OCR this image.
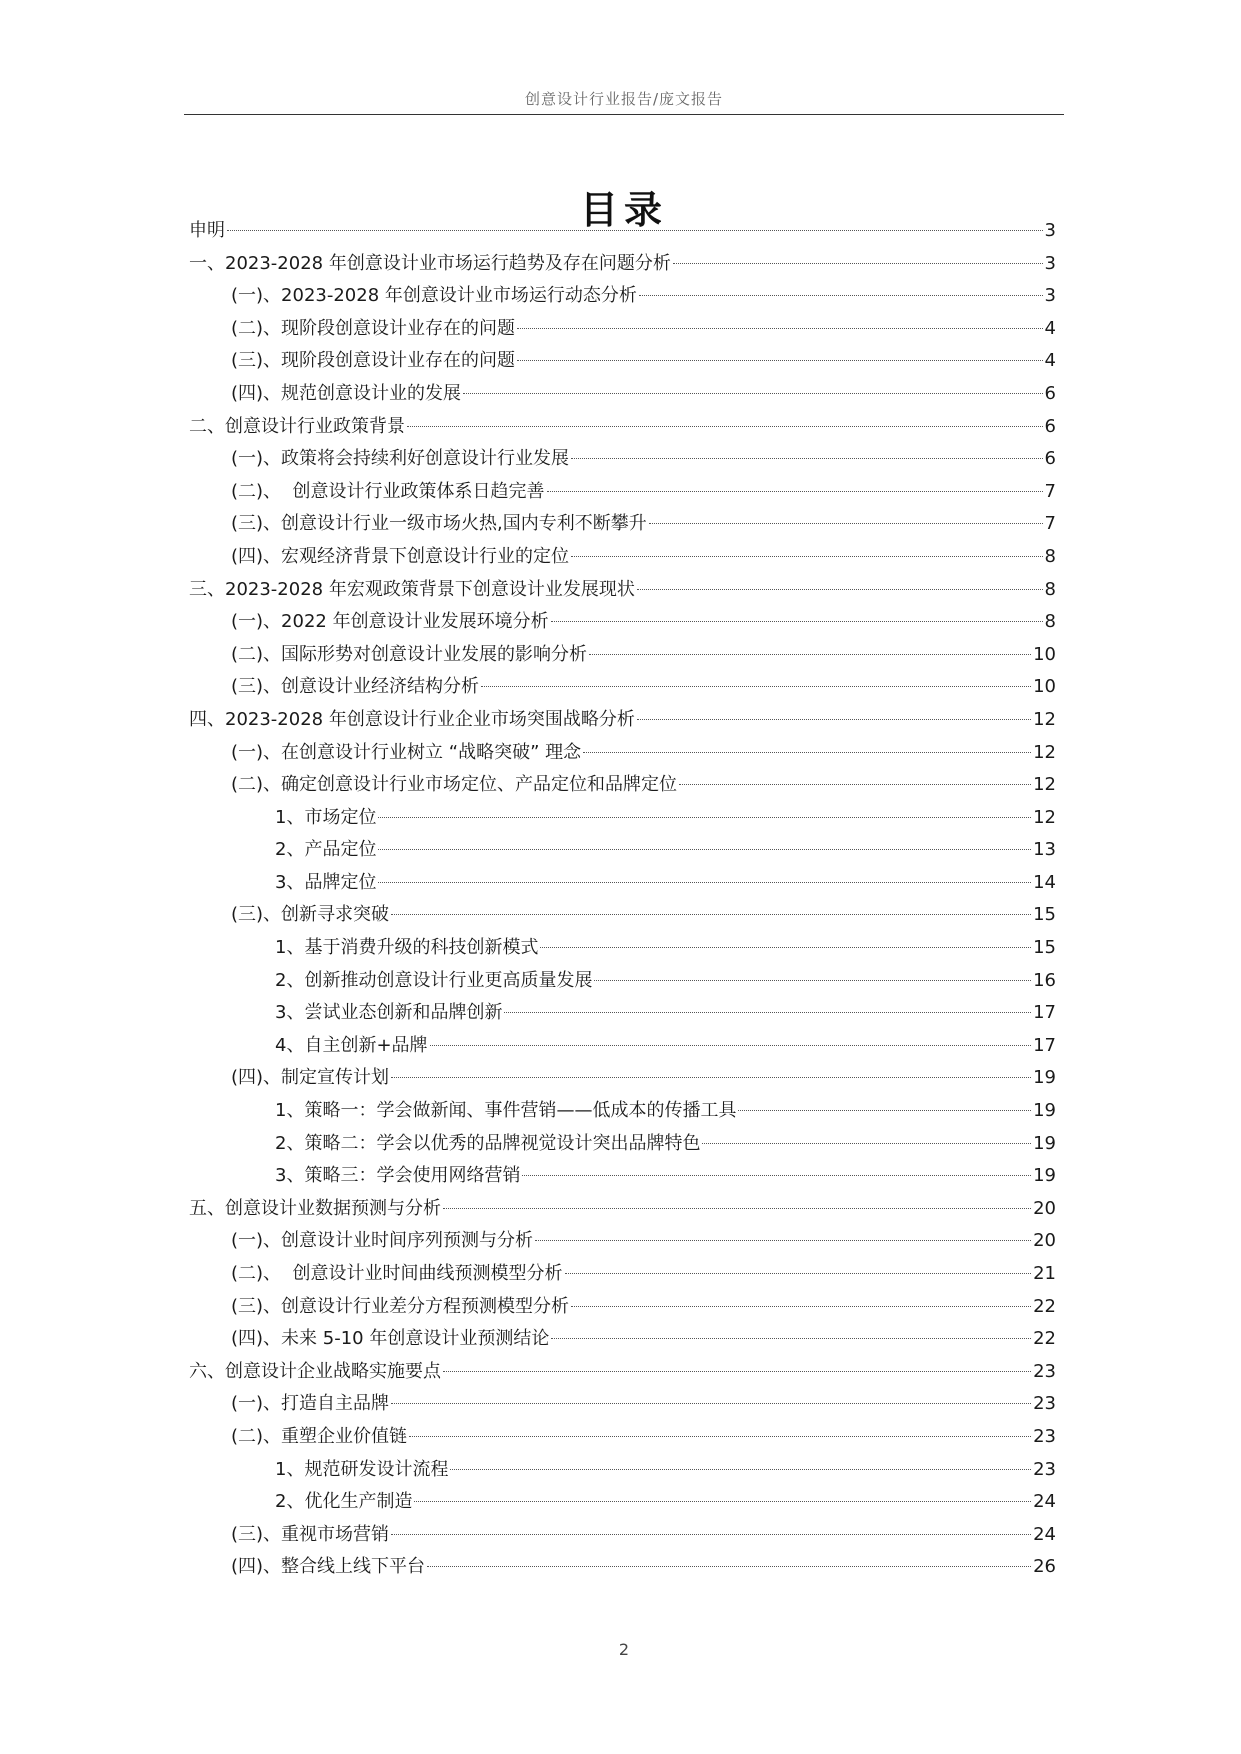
创意设计行业报告/庞文报告
目录
申明	3
一、2023-2028 年创意设计业市场运行趋势及存在问题分析	3
(一)、2023-2028 年创意设计业市场运行动态分析	3
(二)、现阶段创意设计业存在的问题	4
(三)、现阶段创意设计业存在的问题	4
(四)、规范创意设计业的发展	6
二、创意设计行业政策背景	6
(一)、政策将会持续利好创意设计行业发展	6
(二)、  创意设计行业政策体系日趋完善	7
(三)、创意设计行业一级市场火热,国内专利不断攀升	7
(四)、宏观经济背景下创意设计行业的定位	8
三、2023-2028 年宏观政策背景下创意设计业发展现状	8
(一)、2022 年创意设计业发展环境分析	8
(二)、国际形势对创意设计业发展的影响分析	10
(三)、创意设计业经济结构分析	10
四、2023-2028 年创意设计行业企业市场突围战略分析	12
(一)、在创意设计行业树立 “战略突破” 理念	12
(二)、确定创意设计行业市场定位、产品定位和品牌定位	12
1、市场定位	12
2、产品定位	13
3、品牌定位	14
(三)、创新寻求突破	15
1、基于消费升级的科技创新模式	15
2、创新推动创意设计行业更高质量发展	16
3、尝试业态创新和品牌创新	17
4、自主创新+品牌	17
(四)、制定宣传计划	19
1、策略一：学会做新闻、事件营销——低成本的传播工具	19
2、策略二：学会以优秀的品牌视觉设计突出品牌特色	19
3、策略三：学会使用网络营销	19
五、创意设计业数据预测与分析	20
(一)、创意设计业时间序列预测与分析	20
(二)、  创意设计业时间曲线预测模型分析	21
(三)、创意设计行业差分方程预测模型分析	22
(四)、未来 5-10 年创意设计业预测结论	22
六、创意设计企业战略实施要点	23
(一)、打造自主品牌	23
(二)、重塑企业价值链	23
1、规范研发设计流程	23
2、优化生产制造	24
(三)、重视市场营销	24
(四)、整合线上线下平台	26
2
